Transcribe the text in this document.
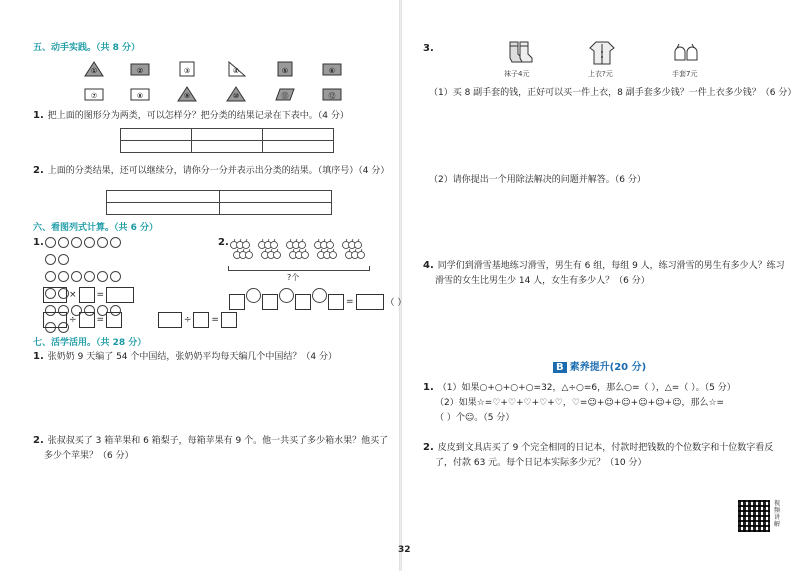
五、动手实践。（共 8 分）
①	②	③	④	⑤	⑥
⑦	⑧	⑨	⑩	⑪	⑫
1. 把上面的图形分为两类，可以怎样分？把分类的结果记录在下表中。（4 分）

2. 上面的分类结果，还可以继续分，请你分一分并表示出分类的结果。（填序号）（4 分）

六、看图列式计算。（共 6 分）
1.	2.
?个
× =
=	（ ）
÷ =	÷ =
七、活学活用。（共 28 分）
1. 张奶奶 9 天编了 54 个中国结，张奶奶平均每天编几个中国结？（4 分）
2. 张叔叔买了 3 箱苹果和 6 箱梨子，每箱苹果有 9 个。他一共买了多少箱水果？他买了
多少个苹果？（6 分）
3.
袜子4元	上衣?元	手套7元
（1）买 8 副手套的钱，正好可以买一件上衣，8 副手套多少钱？一件上衣多少钱？（6 分）
（2）请你提出一个用除法解决的问题并解答。（6 分）
4. 同学们到滑雪基地练习滑雪，男生有 6 组，每组 9 人，练习滑雪的男生有多少人？练习
滑雪的女生比男生少 14 人，女生有多少人？（6 分）
B 素养提升(20 分)
1. （1）如果○+○+○+○=32，△÷○=6，那么○=（ ），△=（ ）。（5 分）
（2）如果☆=♡+♡+♡+♡+♡，♡=☺+☺+☺+☺+☺+☺，那么☆=
（ ）个☺。（5 分）
2. 皮皮到文具店买了 9 个完全相同的日记本，付款时把钱数的个位数字和十位数字看反
了，付款 63 元。每个日记本实际多少元？（10 分）
视频讲解
32
